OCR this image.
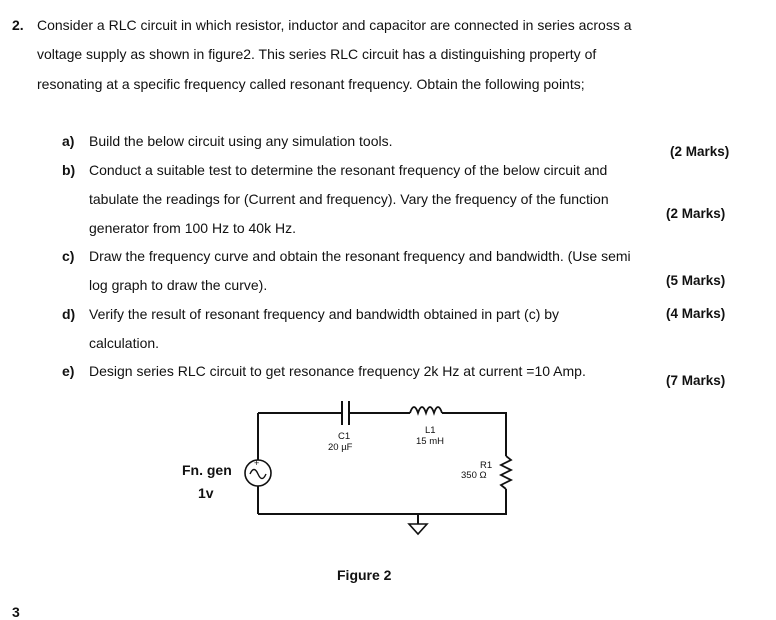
2. Consider a RLC circuit in which resistor, inductor and capacitor are connected in series across a
voltage supply as shown in figure2. This series RLC circuit has a distinguishing property of
resonating at a specific frequency called resonant frequency. Obtain the following points;
a) Build the below circuit using any simulation tools.
(2 Marks)
b) Conduct a suitable test to determine the resonant frequency of the below circuit and
tabulate the readings for (Current and frequency). Vary the frequency of the function
generator from 100 Hz to 40k Hz.
(2 Marks)
c) Draw the frequency curve and obtain the resonant frequency and bandwidth. (Use semi
log graph to draw the curve).	(5 Marks)
d) Verify the result of resonant frequency and bandwidth obtained in part (c) by
calculation.
(4 Marks)
e) Design series RLC circuit to get resonance frequency 2k Hz at current =10 Amp.
(7 Marks)
+
C1
20 µF
L1
15 mH
R1
350 Ω
Fn. gen
1v
Figure 2
3
